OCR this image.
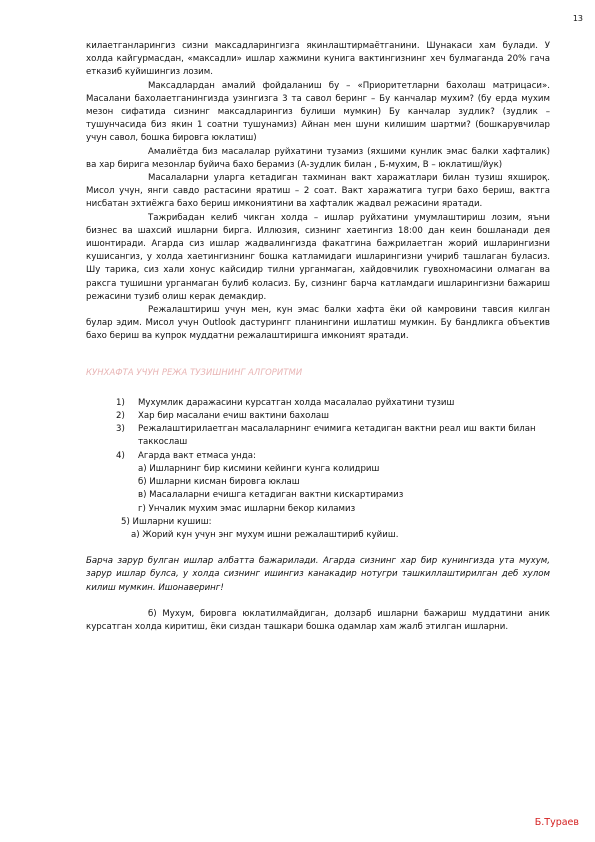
13

килаетганларингиз сизни максадларингизга якинлаштирмаётганини. Шунакаси хам булади. У холда кайгурмасдан, «максадли» ишлар хажмини кунига вактингизнинг хеч булмаганда 20% гача етказиб куйишингиз лозим.

Максадлардан амалий фойдаланиш бу – «Приоритетларни бахолаш матрицаси». Масалани бахолаетганингизда узингизга 3 та савол беринг – Бу канчалар мухим? (бу ерда мухим мезон сифатида сизнинг максадларингиз булиши мумкин) Бу канчалар зудлик? (зудлик – тушунчасида биз якин 1 соатни тушунамиз) Айнан мен шуни килишим шартми? (бошкарувчилар учун савол, бошка бировга юклатиш)

Амалиётда биз масалалар руйхатини тузамиз (яхшими кунлик эмас балки хафталик) ва хар бирига мезонлар буйича бахо берамиз (А-зудлик билан , Б-мухим, В – юклатиш/йук)

Масалаларни уларга кетадиган тахминан вакт харажатлари билан тузиш яхшироқ. Мисол учун, янги савдо растасини яратиш – 2 соат. Вакт харажатига тугри бахо бериш, вактга нисбатан эхтиёжга бахо бериш имкониятини ва хафталик жадвал режасини яратади.

Тажрибадан келиб чикган холда – ишлар руйхатини умумлаштириш лозим, яъни бизнес ва шахсий ишларни бирга. Иллюзия, сизнинг хаетингиз 18:00 дан кеин бошланади дея ишонтиради. Агарда сиз ишлар жадвалингизда факатгина бажрилаетган жорий ишларингизни кушисангиз, у холда хаетингизнинг бошка катламидаги ишларингизни учириб ташлаган буласиз. Шу тарика, сиз хали хонус кайсидир тилни урганмаган, хайдовчилик гувохномасини олмаган ва ракcга тушишни урганмаган булиб коласиз. Бу, сизнинг барча катламдаги ишларингизни бажариш режасини тузиб олиш керак демакдир.

Режалаштириш учун мен, кун эмас балки хафта ёки ой камровини тавсия килган булар эдим. Мисол учун Outlook дастурингг планингини ишлатиш мумкин. Бу бандликга объектив бахо бериш ва купрок муддатни режалаштиришга имконият яратади.

КУНХАФТА УЧУН РЕЖА ТУЗИШНИНГ АЛГОРИТМИ

1) Мухумлик даражасини курсатган холда масалалао руйхатини тузиш
2) Хар бир масалани ечиш вактини бахолаш
3) Режалаштирилаетган масалаларнинг ечимига кетадиган вактни реал иш вакти билан таккослаш
4) Агарда вакт етмаса унда:

а) Ишларнинг бир кисмини кейинги кунга колидриш

б) Ишларни кисман бировга юклаш

в) Масалаларни ечишга кетадиган вактни кискартирамиз

г) Унчалик мухим эмас ишларни бекор киламиз

5) Ишларни кушиш:

а) Жорий кун учун энг мухум ишни режалаштириб куйиш.

Барча заруp булган ишлар албатта бажарилади. Агарда сизнинг хар бир кунингизда ута мухум, зарур ишлар булса, у холда сизнинг ишингиз канакадир нотугри ташкиллаштирилган деб хулом килиш мумкин. Ишонаверинг!

б) Мухум, бировга юклатилмайдиган, долзарб ишларни бажариш муддатини аник курсатган холда киритиш, ёки сиздан ташкари бошка одамлар хам жалб этилган ишларни.

Б.Тураев
